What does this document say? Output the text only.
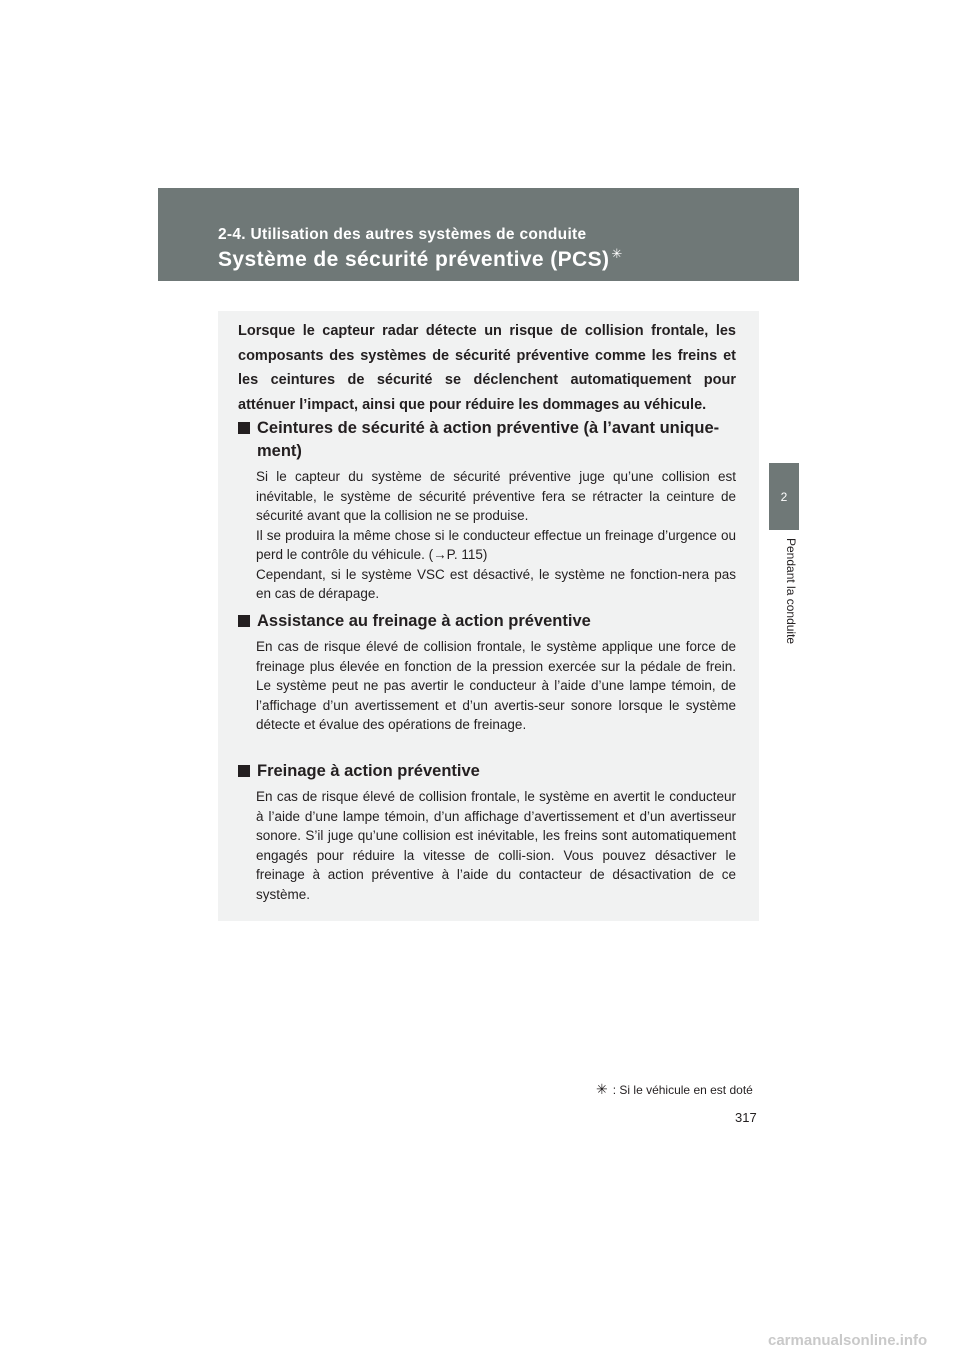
2-4. Utilisation des autres systèmes de conduite
Système de sécurité préventive (PCS) ✳
2
Pendant la conduite

Lorsque le capteur radar détecte un risque de collision frontale, les composants des systèmes de sécurité préventive comme les freins et les ceintures de sécurité se déclenchent automatiquement pour atténuer l’impact, ainsi que pour réduire les dommages au véhicule.

Ceintures de sécurité à action préventive (à l’avant unique-ment)

Si le capteur du système de sécurité préventive juge qu’une collision est inévitable, le système de sécurité préventive fera se rétracter la ceinture de sécurité avant que la collision ne se produise.

Il se produira la même chose si le conducteur effectue un freinage d’urgence ou perd le contrôle du véhicule. (→P. 115)

Cependant, si le système VSC est désactivé, le système ne fonction-nera pas en cas de dérapage.

Assistance au freinage à action préventive

En cas de risque élevé de collision frontale, le système applique une force de freinage plus élevée en fonction de la pression exercée sur la pédale de frein. Le système peut ne pas avertir le conducteur à l’aide d’une lampe témoin, de l’affichage d’un avertissement et d’un avertis-seur sonore lorsque le système détecte et évalue des opérations de freinage.

Freinage à action préventive

En cas de risque élevé de collision frontale, le système en avertit le conducteur à l’aide d’une lampe témoin, d’un affichage d’avertissement et d’un avertisseur sonore. S’il juge qu’une collision est inévitable, les freins sont automatiquement engagés pour réduire la vitesse de colli-sion. Vous pouvez désactiver le freinage à action préventive à l’aide du contacteur de désactivation de ce système.

✳ : Si le véhicule en est doté
317
carmanualsonline.info
